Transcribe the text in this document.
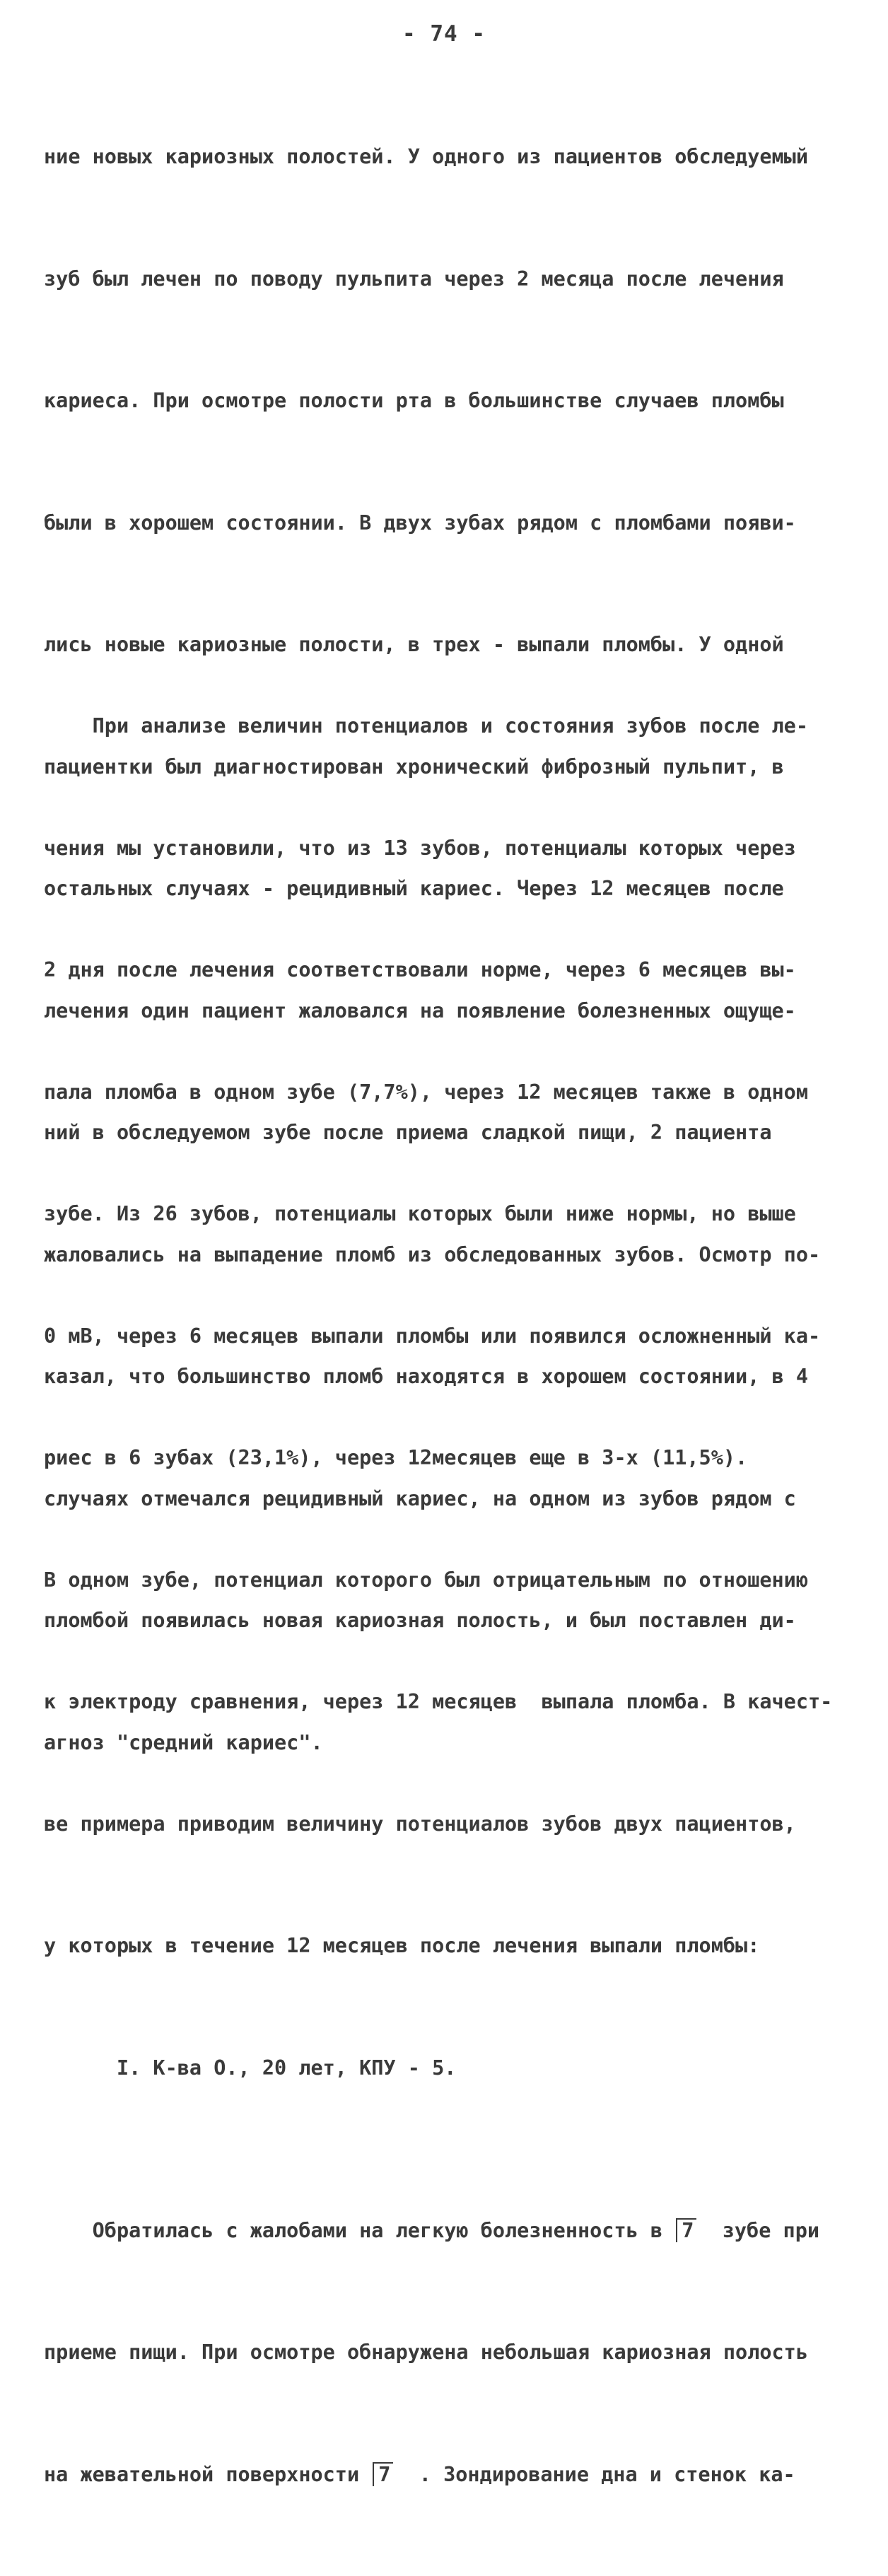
- 74 -

ние новых кариозных полостей. У одного из пациентов обследуемый

зуб был лечен по поводу пульпита через 2 месяца после лечения

кариеса. При осмотре полости рта в большинстве случаев пломбы

были в хорошем состоянии. В двух зубах рядом с пломбами появи-

лись новые кариозные полости, в трех - выпали пломбы. У одной

пациентки был диагностирован хронический фиброзный пульпит, в

остальных случаях - рецидивный кариес. Через 12 месяцев после

лечения один пациент жаловался на появление болезненных ощуще-

ний в обследуемом зубе после приема сладкой пищи, 2 пациента

жаловались на выпадение пломб из обследованных зубов. Осмотр по-

казал, что большинство пломб находятся в хорошем состоянии, в 4

случаях отмечался рецидивный кариес, на одном из зубов рядом с

пломбой появилась новая кариозная полость, и был поставлен ди-

агноз "средний кариес".

При анализе величин потенциалов и состояния зубов после ле-

чения мы установили, что из 13 зубов, потенциалы которых через

2 дня после лечения соответствовали норме, через 6 месяцев вы-

пала пломба в одном зубе (7,7%), через 12 месяцев также в одном

зубе. Из 26 зубов, потенциалы которых были ниже нормы, но выше

0 мВ, через 6 месяцев выпали пломбы или появился осложненный ка-

риес в 6 зубах (23,1%), через 12месяцев еще в 3-х (11,5%).

В одном зубе, потенциал которого был отрицательным по отношению

к электроду сравнения, через 12 месяцев  выпала пломба. В качест-

ве примера приводим величину потенциалов зубов двух пациентов,

у которых в течение 12 месяцев после лечения выпали пломбы:

I. К-ва О., 20 лет, КПУ - 5.

Обратилась с жалобами на легкую болезненность в 7  зубе при

приеме пищи. При осмотре обнаружена небольшая кариозная полость

на жевательной поверхности 7  . Зондирование дна и стенок ка-
